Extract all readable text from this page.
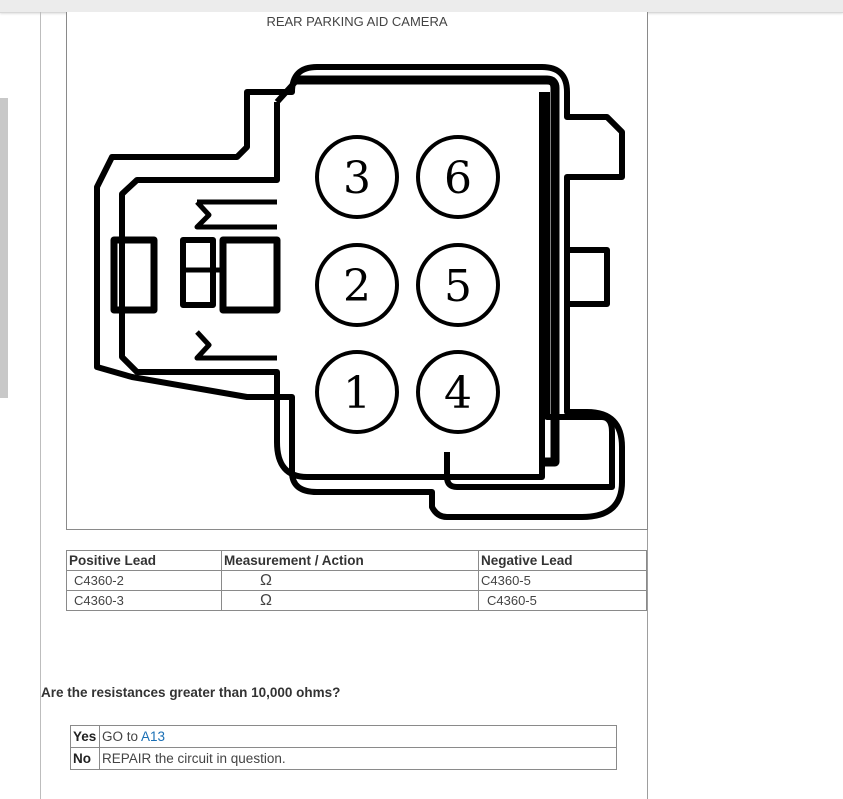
REAR PARKING AID CAMERA
3 6
2 5
1 4
Positive Lead	Measurement / Action	Negative Lead
C4360-2	Ω	C4360-5
C4360-3	Ω	C4360-5
Are the resistances greater than 10,000 ohms?
Yes	GO to A13
No	REPAIR the circuit in question.
